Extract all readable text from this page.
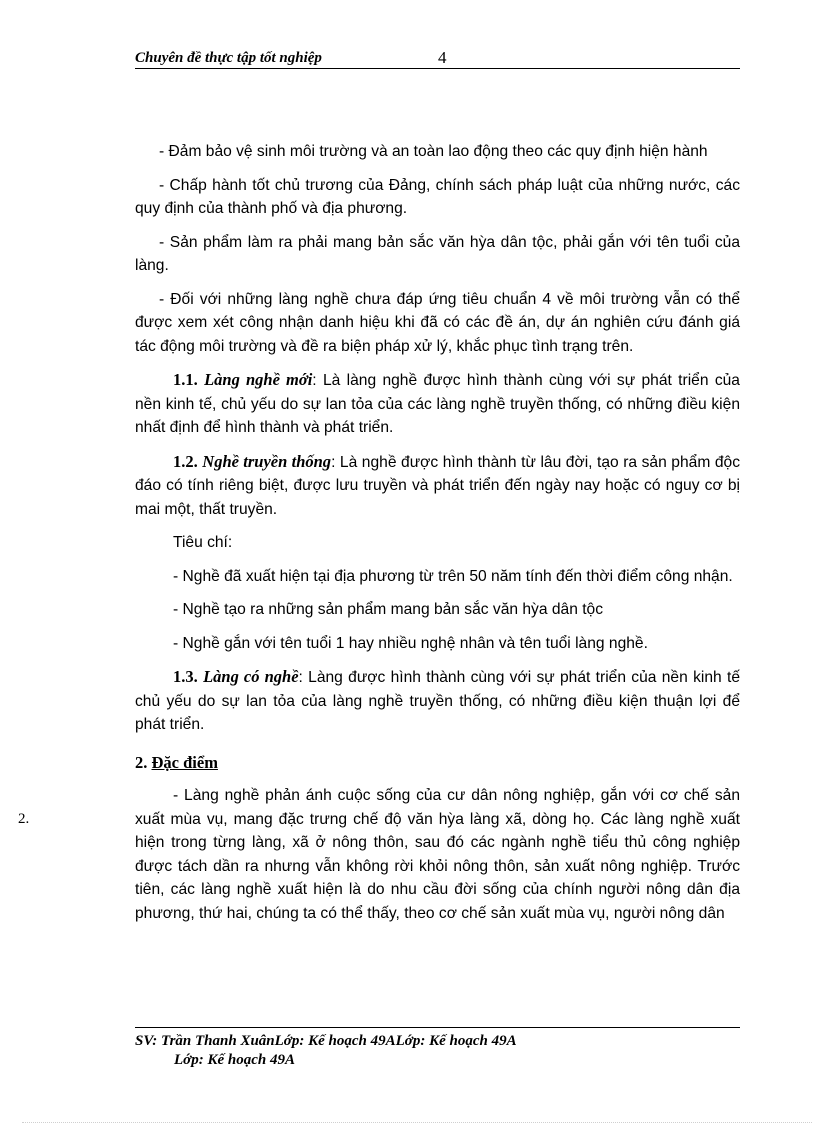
Chuyên đề thực tập tốt nghiệp	4

- Đảm bảo vệ sinh môi trường và an toàn lao động theo các quy định hiện hành

- Chấp hành tốt chủ trương của Đảng, chính sách pháp luật của những nước, các quy định của thành phố và địa phương.

- Sản phẩm làm ra phải mang bản sắc văn hỳa dân tộc, phải gắn với tên tuổi của làng.

- Đối với những làng nghề chưa đáp ứng tiêu chuẩn 4 về môi trường vẫn có thể được xem xét công nhận danh hiệu khi đã có các đề án, dự án nghiên cứu đánh giá tác động môi trường và đề ra biện pháp xử lý, khắc phục tình trạng trên.

1.1. Làng nghề mới: Là làng nghề được hình thành cùng với sự phát triển của nền kinh tế, chủ yếu do sự lan tỏa của các làng nghề truyền thống, có những điều kiện nhất định để hình thành và phát triển.

1.2. Nghề truyền thống: Là nghề được hình thành từ lâu đời, tạo ra sản phẩm độc đáo có tính riêng biệt, được lưu truyền và phát triển đến ngày nay hoặc có nguy cơ bị mai một, thất truyền.

Tiêu chí:

- Nghề đã xuất hiện tại địa phương từ trên 50 năm tính đến thời điểm công nhận.

- Nghề tạo ra những sản phẩm mang bản sắc văn hỳa dân tộc

- Nghề gắn với tên tuổi 1 hay nhiều nghệ nhân và tên tuổi làng nghề.

1.3. Làng có nghề: Làng được hình thành cùng với sự phát triển của nền kinh tế chủ yếu do sự lan tỏa của làng nghề truyền thống, có những điều kiện thuận lợi để phát triển.

2. Đặc điểm

- Làng nghề phản ánh cuộc sống của cư dân nông nghiệp, gắn với cơ chế sản xuất mùa vụ, mang đặc trưng chế độ văn hỳa làng xã, dòng họ. Các làng nghề xuất hiện trong từng làng, xã ở nông thôn, sau đó các ngành nghề tiểu thủ công nghiệp được tách dần ra nhưng vẫn không rời khỏi nông thôn, sản xuất nông nghiệp. Trước tiên, các làng nghề xuất hiện là do nhu cầu đời sống của chính người nông dân địa phương, thứ hai, chúng ta có thể thấy, theo cơ chế sản xuất mùa vụ, người nông dân

2.
SV: Trần Thanh XuânLớp: Kế hoạch 49ALớp: Kế hoạch 49A
Lớp: Kế hoạch 49A
